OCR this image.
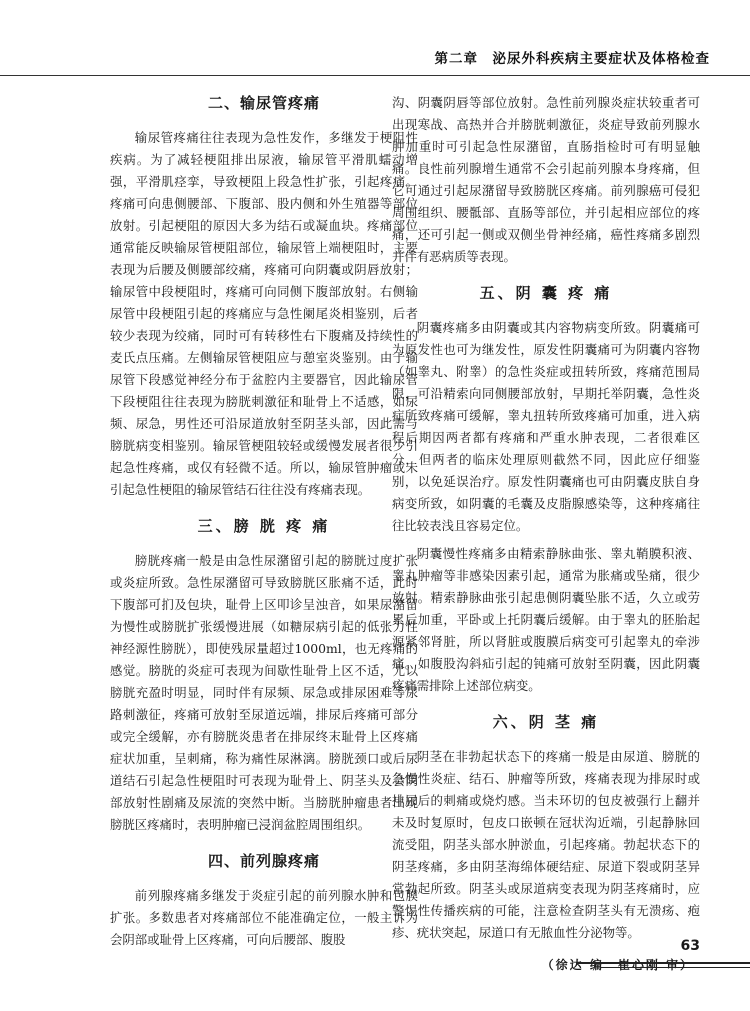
第二章　泌尿外科疾病主要症状及体格检查
二、输尿管疼痛

输尿管疼痛往往表现为急性发作，多继发于梗阻性疾病。为了减轻梗阻排出尿液，输尿管平滑肌蠕动增强，平滑肌痉挛，导致梗阻上段急性扩张，引起疼痛。疼痛可向患侧腰部、下腹部、股内侧和外生殖器等部位放射。引起梗阻的原因大多为结石或凝血块。疼痛部位通常能反映输尿管梗阻部位，输尿管上端梗阻时，主要表现为后腰及侧腰部绞痛，疼痛可向阴囊或阴唇放射；输尿管中段梗阻时，疼痛可向同侧下腹部放射。右侧输尿管中段梗阻引起的疼痛应与急性阑尾炎相鉴别，后者较少表现为绞痛，同时可有转移性右下腹痛及持续性的麦氏点压痛。左侧输尿管梗阻应与憩室炎鉴别。由于输尿管下段感觉神经分布于盆腔内主要器官，因此输尿管下段梗阻往往表现为膀胱刺激征和耻骨上不适感，如尿频、尿急，男性还可沿尿道放射至阴茎头部，因此需与膀胱病变相鉴别。输尿管梗阻较轻或缓慢发展者很少引起急性疼痛，或仅有轻微不适。所以，输尿管肿瘤或未引起急性梗阻的输尿管结石往往没有疼痛表现。

三、膀 胱 疼 痛

膀胱疼痛一般是由急性尿潴留引起的膀胱过度扩张或炎症所致。急性尿潴留可导致膀胱区胀痛不适，此时下腹部可扪及包块，耻骨上区叩诊呈浊音，如果尿潴留为慢性或膀胱扩张缓慢进展（如糖尿病引起的低张力性神经源性膀胱），即使残尿量超过1000ml，也无疼痛的感觉。膀胱的炎症可表现为间歇性耻骨上区不适，尤以膀胱充盈时明显，同时伴有尿频、尿急或排尿困难等尿路刺激征，疼痛可放射至尿道远端，排尿后疼痛可部分或完全缓解，亦有膀胱炎患者在排尿终末耻骨上区疼痛症状加重，呈刺痛，称为痛性尿淋漓。膀胱颈口或后尿道结石引起急性梗阻时可表现为耻骨上、阴茎头及会阴部放射性剧痛及尿流的突然中断。当膀胱肿瘤患者出现膀胱区疼痛时，表明肿瘤已浸润盆腔周围组织。

四、前列腺疼痛

前列腺疼痛多继发于炎症引起的前列腺水肿和包膜扩张。多数患者对疼痛部位不能准确定位，一般主诉为会阴部或耻骨上区疼痛，可向后腰部、腹股

沟、阴囊阴唇等部位放射。急性前列腺炎症状较重者可出现寒战、高热并合并膀胱刺激征，炎症导致前列腺水肿加重时可引起急性尿潴留，直肠指检时可有明显触痛。良性前列腺增生通常不会引起前列腺本身疼痛，但它可通过引起尿潴留导致膀胱区疼痛。前列腺癌可侵犯周围组织、腰骶部、直肠等部位，并引起相应部位的疼痛，还可引起一侧或双侧坐骨神经痛，癌性疼痛多剧烈并伴有恶病质等表现。

五、阴 囊 疼 痛

阴囊疼痛多由阴囊或其内容物病变所致。阴囊痛可为原发性也可为继发性，原发性阴囊痛可为阴囊内容物（如睾丸、附睾）的急性炎症或扭转所致，疼痛范围局限，可沿精索向同侧腰部放射，早期托举阴囊，急性炎症所致疼痛可缓解，睾丸扭转所致疼痛可加重，进入病程后期因两者都有疼痛和严重水肿表现，二者很难区分，但两者的临床处理原则截然不同，因此应仔细鉴别，以免延误治疗。原发性阴囊痛也可由阴囊皮肤自身病变所致，如阴囊的毛囊及皮脂腺感染等，这种疼痛往往比较表浅且容易定位。

阴囊慢性疼痛多由精索静脉曲张、睾丸鞘膜积液、睾丸肿瘤等非感染因素引起，通常为胀痛或坠痛，很少放射。精索静脉曲张引起患侧阴囊坠胀不适，久立或劳累后加重，平卧或上托阴囊后缓解。由于睾丸的胚胎起源紧邻肾脏，所以肾脏或腹膜后病变可引起睾丸的牵涉痛。如腹股沟斜疝引起的钝痛可放射至阴囊，因此阴囊疼痛需排除上述部位病变。

六、阴 茎 痛

阴茎在非勃起状态下的疼痛一般是由尿道、膀胱的急慢性炎症、结石、肿瘤等所致，疼痛表现为排尿时或排尿后的刺痛或烧灼感。当未环切的包皮被强行上翻并未及时复原时，包皮口嵌顿在冠状沟近端，引起静脉回流受阻，阴茎头部水肿淤血，引起疼痛。勃起状态下的阴茎疼痛，多由阴茎海绵体硬结症、尿道下裂或阴茎异常勃起所致。阴茎头或尿道病变表现为阴茎疼痛时，应警惕性传播疾病的可能，注意检查阴茎头有无溃疡、疱疹、疣状突起，尿道口有无脓血性分泌物等。

（徐达 编　崔心刚 审）
63
